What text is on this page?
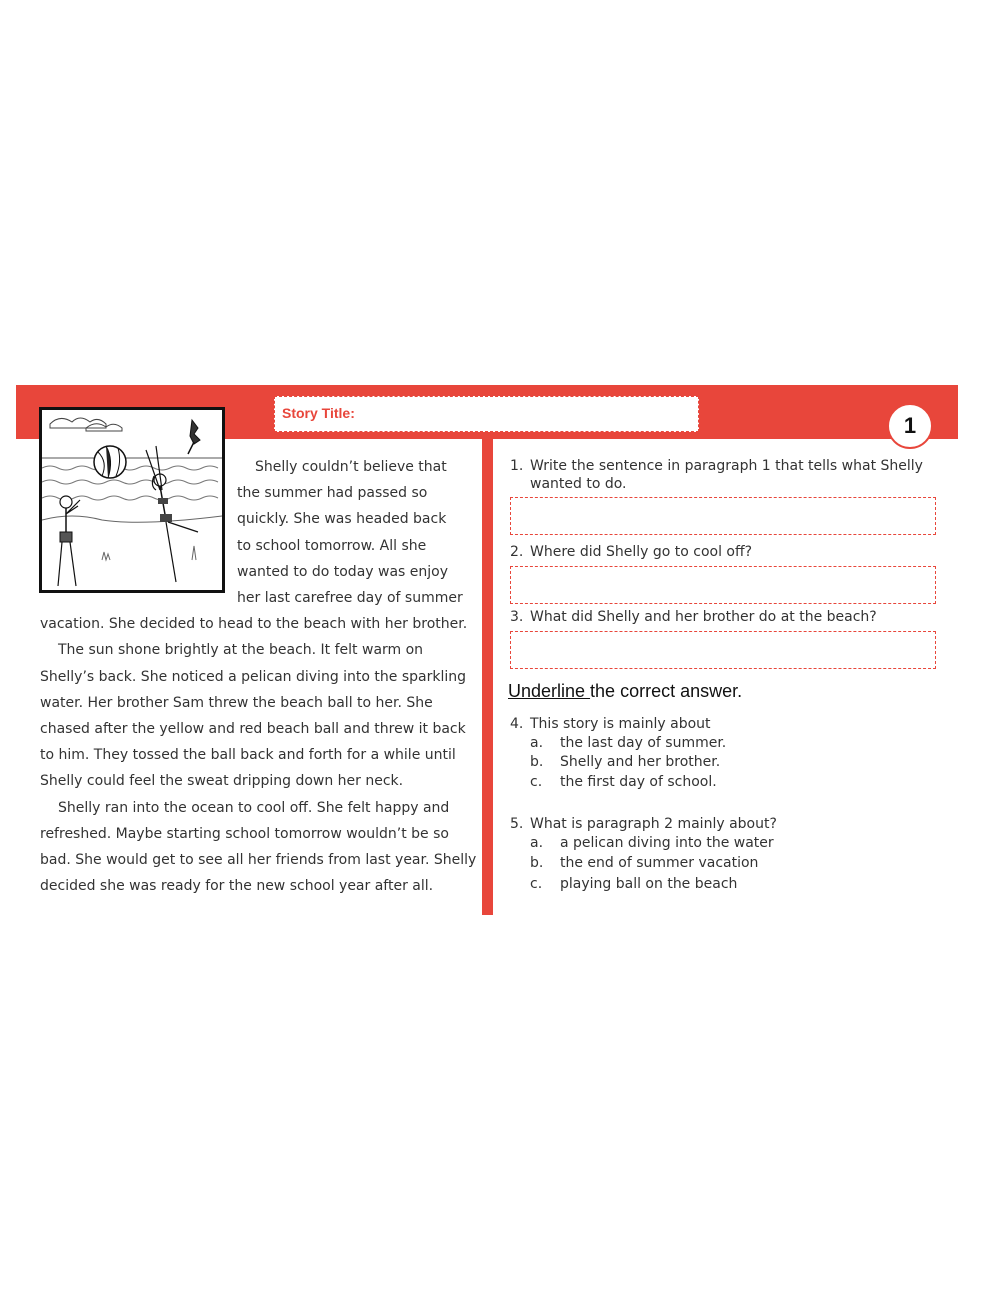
Story Title:	1
Shelly couldn’t believe that
the summer had passed so
quickly. She was headed back
to school tomorrow. All she
wanted to do today was enjoy
her last carefree day of summer
vacation. She decided to head to the beach with her brother.
The sun shone brightly at the beach. It felt warm on
Shelly’s back. She noticed a pelican diving into the sparkling
water. Her brother Sam threw the beach ball to her. She
chased after the yellow and red beach ball and threw it back
to him. They tossed the ball back and forth for a while until
Shelly could feel the sweat dripping down her neck.
Shelly ran into the ocean to cool off. She felt happy and
refreshed. Maybe starting school tomorrow wouldn’t be so
bad. She would get to see all her friends from last year. Shelly
decided she was ready for the new school year after all.
1. Write the sentence in paragraph 1 that tells what Shelly
wanted to do.
2. Where did Shelly go to cool off?
3. What did Shelly and her brother do at the beach?
Underline the correct answer.
4. This story is mainly about
a. the last day of summer.
b. Shelly and her brother.
c. the first day of school.
5. What is paragraph 2 mainly about?
a. a pelican diving into the water
b. the end of summer vacation
c. playing ball on the beach
